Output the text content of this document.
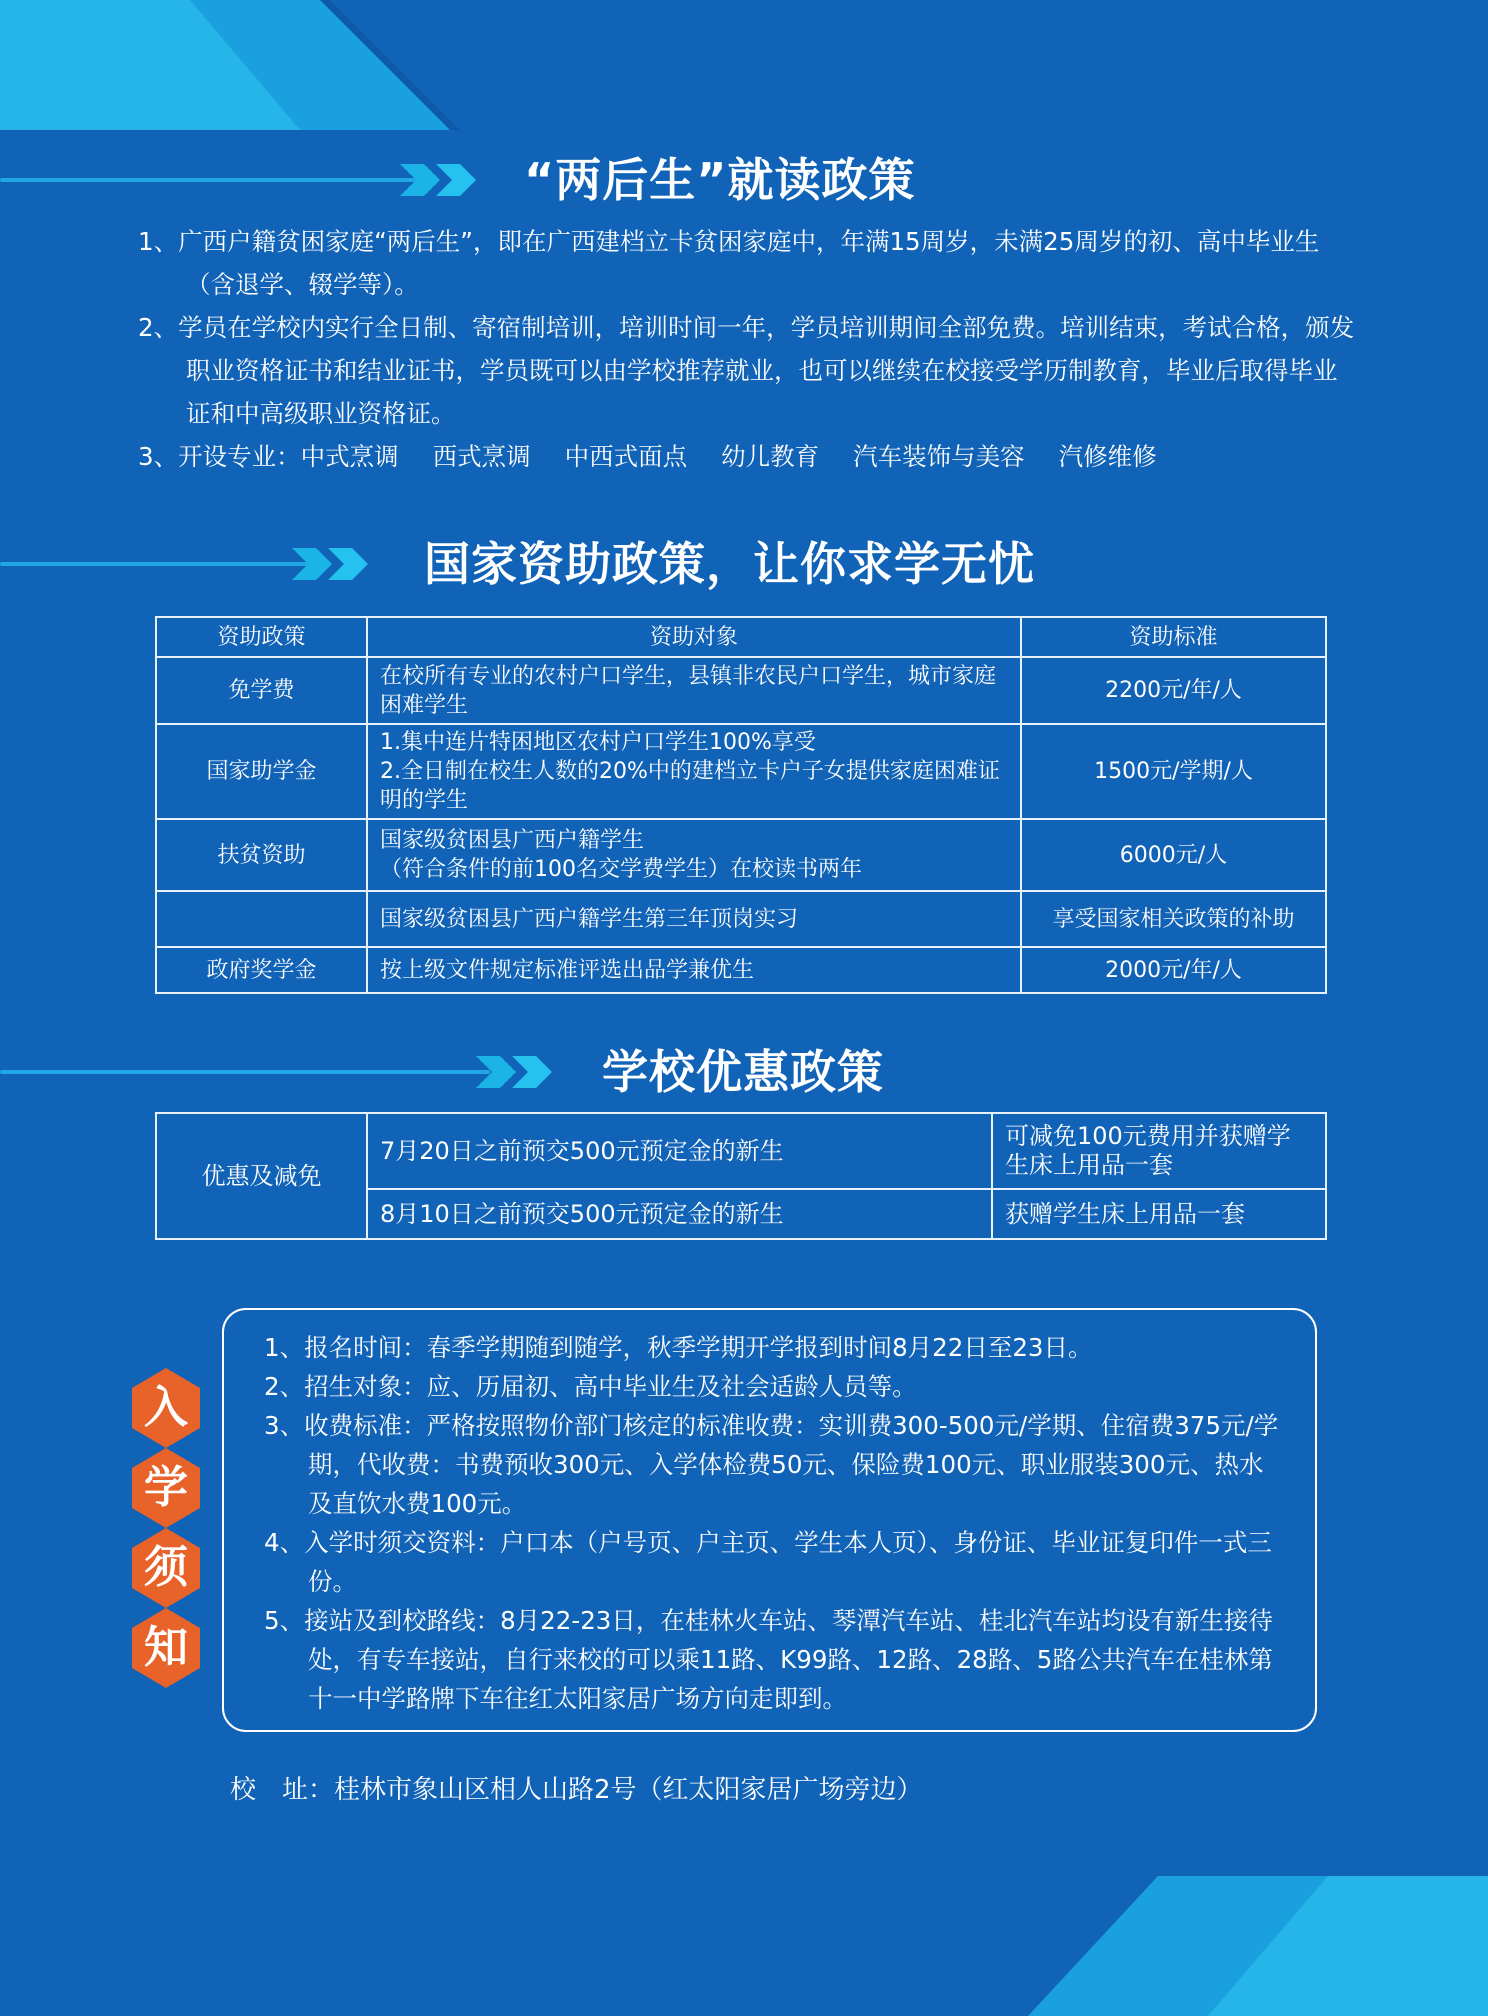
“两后生”就读政策
1、广西户籍贫困家庭“两后生”，即在广西建档立卡贫困家庭中，年满15周岁，未满25周岁的初、高中毕业生（含退学、辍学等）。
2、学员在学校内实行全日制、寄宿制培训，培训时间一年，学员培训期间全部免费。培训结束，考试合格，颁发职业资格证书和结业证书，学员既可以由学校推荐就业，也可以继续在校接受学历制教育，毕业后取得毕业证和中高级职业资格证。
3、开设专业：中式烹调 西式烹调 中西式面点 幼儿教育 汽车装饰与美容 汽修维修
国家资助政策，让你求学无忧
资助政策	资助对象	资助标准
免学费	在校所有专业的农村户口学生，县镇非农民户口学生，城市家庭困难学生	2200元/年/人
国家助学金	1.集中连片特困地区农村户口学生100%享受
2.全日制在校生人数的20%中的建档立卡户子女提供家庭困难证明的学生	1500元/学期/人
扶贫资助	国家级贫困县广西户籍学生
（符合条件的前100名交学费学生）在校读书两年	6000元/人
	国家级贫困县广西户籍学生第三年顶岗实习	享受国家相关政策的补助
政府奖学金	按上级文件规定标准评选出品学兼优生	2000元/年/人
学校优惠政策
优惠及减免	7月20日之前预交500元预定金的新生	可减免100元费用并获赠学生床上用品一套
	8月10日之前预交500元预定金的新生	获赠学生床上用品一套
入
学
须
知
1、报名时间：春季学期随到随学，秋季学期开学报到时间8月22日至23日。
2、招生对象：应、历届初、高中毕业生及社会适龄人员等。
3、收费标准：严格按照物价部门核定的标准收费：实训费300-500元/学期、住宿费375元/学期，代收费：书费预收300元、入学体检费50元、保险费100元、职业服装300元、热水及直饮水费100元。
4、入学时须交资料：户口本（户号页、户主页、学生本人页）、身份证、毕业证复印件一式三份。
5、接站及到校路线：8月22-23日，在桂林火车站、琴潭汽车站、桂北汽车站均设有新生接待处，有专车接站，自行来校的可以乘11路、K99路、12路、28路、5路公共汽车在桂林第十一中学路牌下车往红太阳家居广场方向走即到。
校　址：桂林市象山区相人山路2号（红太阳家居广场旁边）
